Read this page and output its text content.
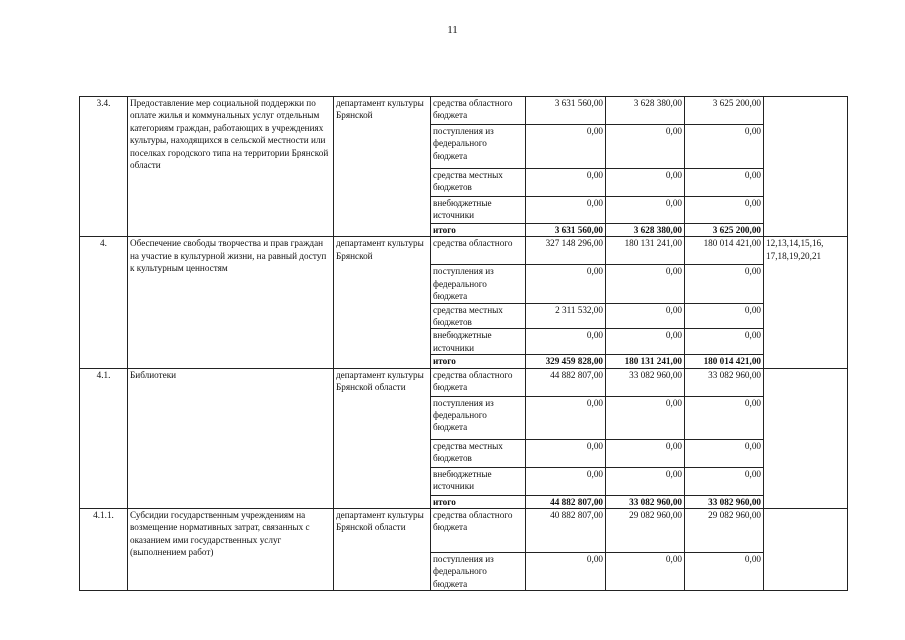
11
3.4.	Предоставление мер социальной поддержки по оплате жилья и коммунальных услуг отдельным категориям граждан, работающих в учреждениях культуры, находящихся в сельской местности или поселках городского типа на территории Брянской области	департамент культуры Брянской	средства областного бюджета	3 631 560,00	3 628 380,00	3 625 200,00	
			поступления из федерального бюджета	0,00	0,00	0,00	
			средства местных бюджетов	0,00	0,00	0,00	
			внебюджетные источники	0,00	0,00	0,00	
			итого	3 631 560,00	3 628 380,00	3 625 200,00	
4.	Обеспечение свободы творчества и прав граждан на участие в культурной жизни, на равный доступ к культурным ценностям	департамент культуры Брянской	средства областного	327 148 296,00	180 131 241,00	180 014 421,00	12,13,14,15,16, 17,18,19,20,21
			поступления из федерального бюджета	0,00	0,00	0,00	
			средства местных бюджетов	2 311 532,00	0,00	0,00	
			внебюджетные источники	0,00	0,00	0,00	
			итого	329 459 828,00	180 131 241,00	180 014 421,00	
4.1.	Библиотеки	департамент культуры Брянской области	средства областного бюджета	44 882 807,00	33 082 960,00	33 082 960,00	
			поступления из федерального бюджета	0,00	0,00	0,00	
			средства местных бюджетов	0,00	0,00	0,00	
			внебюджетные источники	0,00	0,00	0,00	
			итого	44 882 807,00	33 082 960,00	33 082 960,00	
4.1.1.	Субсидии государственным учреждениям на возмещение нормативных затрат, связанных с оказанием ими государственных услуг (выполнением работ)	департамент культуры Брянской области	средства областного бюджета	40 882 807,00	29 082 960,00	29 082 960,00	
			поступления из федерального бюджета	0,00	0,00	0,00	
